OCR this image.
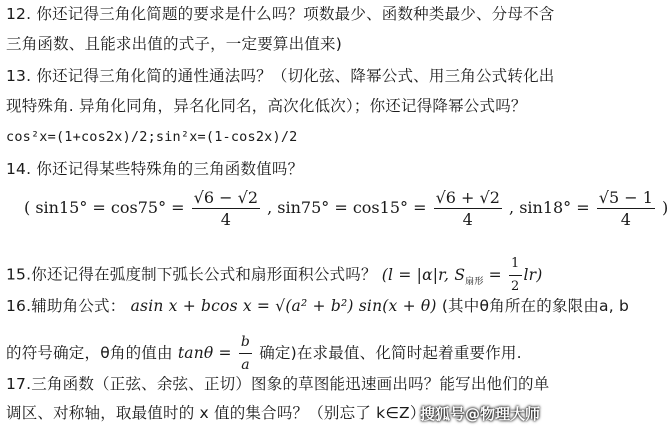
12. 你还记得三角化简题的要求是什么吗？项数最少、函数种类最少、分母不含
三角函数、且能求出值的式子，一定要算出值来)
13. 你还记得三角化简的通性通法吗？（切化弦、降幂公式、用三角公式转化出
现特殊角. 异角化同角，异名化同名，高次化低次）；你还记得降幂公式吗？
cos²x=(1+cos2x)/2;sin²x=(1-cos2x)/2
14. 你还记得某些特殊角的三角函数值吗？
( $\sin 15^\circ = \cos 75^\circ = \frac{√6 - √2}{4}$ , $\sin 75^\circ = \cos 15^\circ = \frac{√6 + √2}{4}$ , $\sin 18^\circ = \frac{√5 - 1}{4}$ )
15.你还记得在弧度制下弧长公式和扇形面积公式吗？ (l = |α|r, $S_{扇形} = \frac{1}{2} lr$)
16.辅助角公式： asin x + bcos x = √(a² + b²) sin(x + θ) (其中θ角所在的象限由a, b
的符号确定，θ角的值由 $\tan\theta = \frac{b}{a}$ 确定)在求最值、化简时起着重要作用.
17.三角函数（正弦、余弦、正切）图象的草图能迅速画出吗？能写出他们的单
调区、对称轴，取最值时的 x 值的集合吗？（别忘了 k∈Z）
搜狐号@物理大师
